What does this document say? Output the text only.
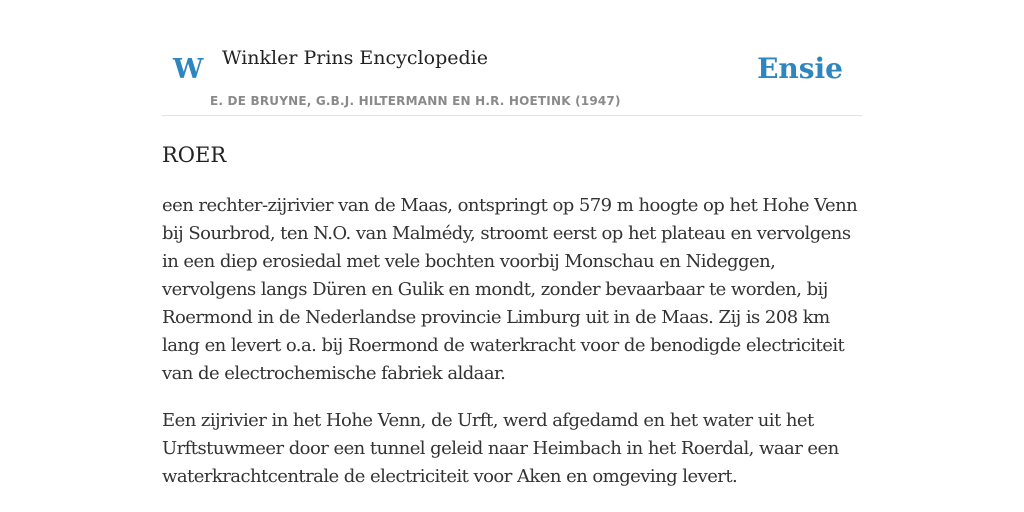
W Winkler Prins Encyclopedie
E. DE BRUYNE, G.B.J. HILTERMANN EN H.R. HOETINK (1947)
Ensie
ROER

een rechter-zijrivier van de Maas, ontspringt op 579 m hoogte op het Hohe Venn bij Sourbrod, ten N.O. van Malmédy, stroomt eerst op het plateau en vervolgens in een diep erosiedal met vele bochten voorbij Monschau en Nideggen, vervolgens langs Düren en Gulik en mondt, zonder bevaarbaar te worden, bij Roermond in de Nederlandse provincie Limburg uit in de Maas. Zij is 208 km lang en levert o.a. bij Roermond de waterkracht voor de benodigde electriciteit van de electrochemische fabriek aldaar.

Een zijrivier in het Hohe Venn, de Urft, werd afgedamd en het water uit het Urftstuwmeer door een tunnel geleid naar Heimbach in het Roerdal, waar een waterkrachtcentrale de electriciteit voor Aken en omgeving levert.
